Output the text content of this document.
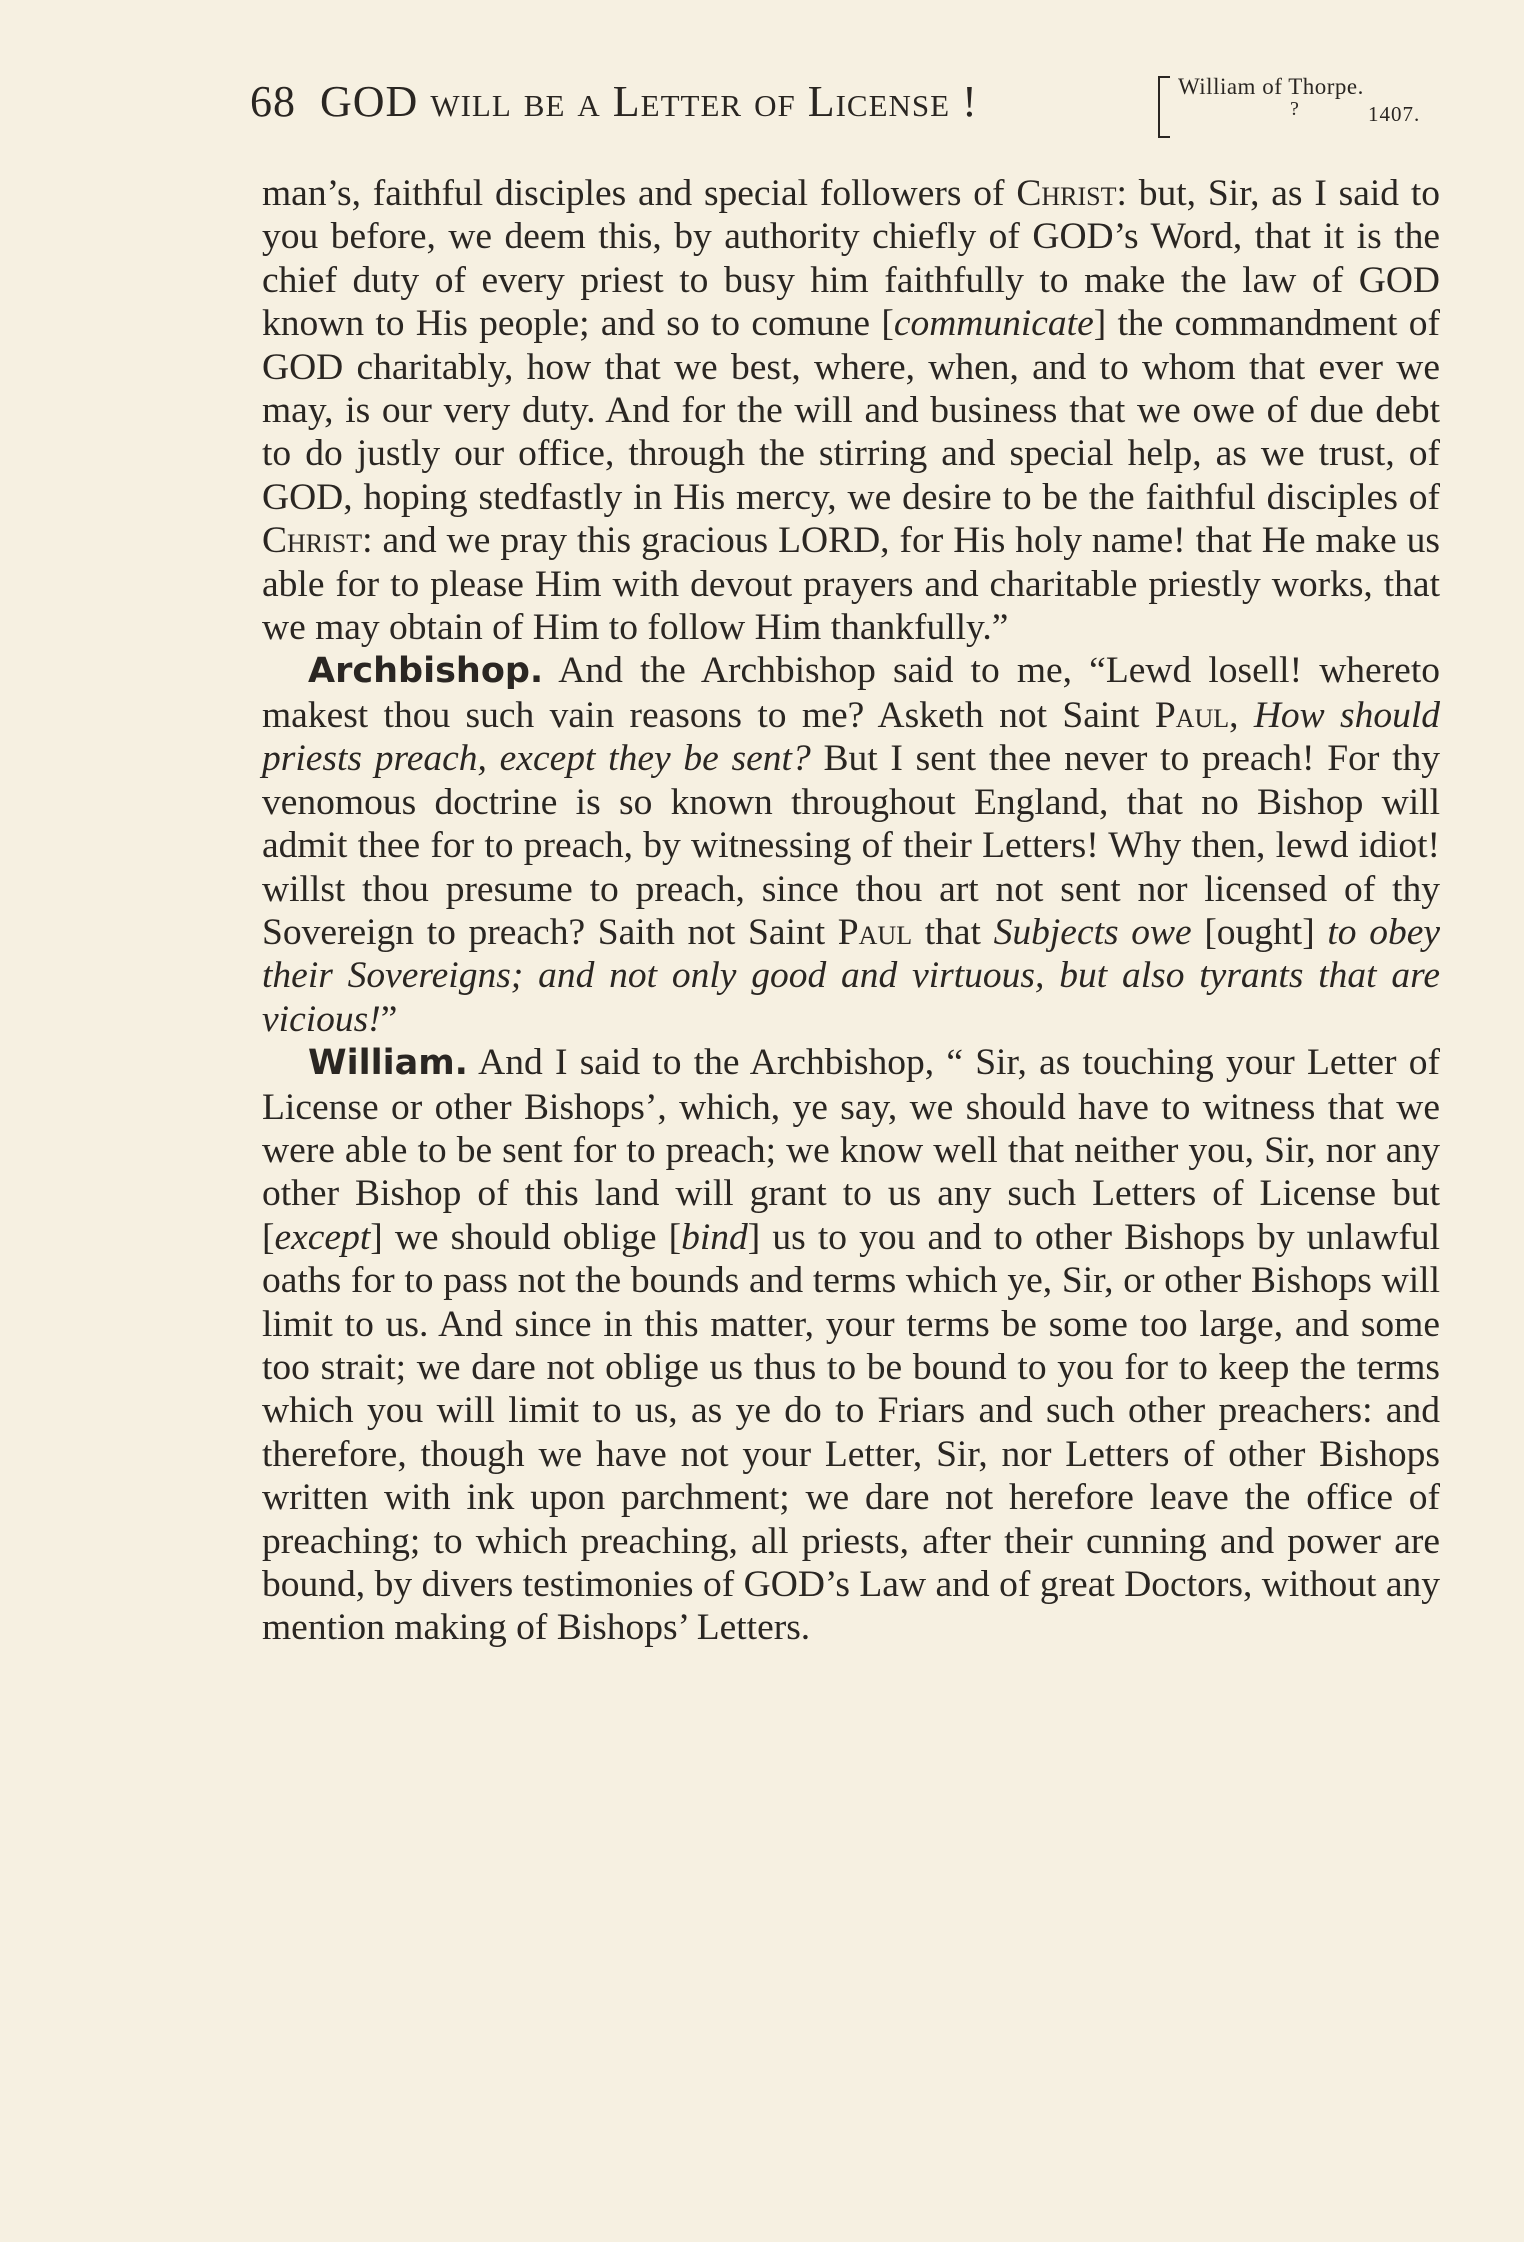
68 GOD will be a Letter of License !	William of Thorpe.
?	1407.

man’s, faithful disciples and special followers of Christ: but, Sir, as I said to you before, we deem this, by authority chiefly of GOD’s Word, that it is the chief duty of every priest to busy him faithfully to make the law of GOD known to His people; and so to comune [communicate] the commandment of GOD charitably, how that we best, where, when, and to whom that ever we may, is our very duty. And for the will and business that we owe of due debt to do justly our office, through the stirring and special help, as we trust, of GOD, hoping stedfastly in His mercy, we desire to be the faithful disciples of Christ: and we pray this gracious LORD, for His holy name! that He make us able for to please Him with devout prayers and charitable priestly works, that we may obtain of Him to follow Him thankfully.”

Archbishop. And the Archbishop said to me, “Lewd losell! whereto makest thou such vain reasons to me? Asketh not Saint Paul, How should priests preach, except they be sent? But I sent thee never to preach! For thy venomous doctrine is so known throughout England, that no Bishop will admit thee for to preach, by witnessing of their Letters! Why then, lewd idiot! willst thou presume to preach, since thou art not sent nor licensed of thy Sovereign to preach? Saith not Saint Paul that Subjects owe [ought] to obey their Sovereigns; and not only good and virtuous, but also tyrants that are vicious!”

William. And I said to the Archbishop, “ Sir, as touching your Letter of License or other Bishops’, which, ye say, we should have to witness that we were able to be sent for to preach; we know well that neither you, Sir, nor any other Bishop of this land will grant to us any such Letters of License but [except] we should oblige [bind] us to you and to other Bishops by unlawful oaths for to pass not the bounds and terms which ye, Sir, or other Bishops will limit to us. And since in this matter, your terms be some too large, and some too strait; we dare not oblige us thus to be bound to you for to keep the terms which you will limit to us, as ye do to Friars and such other preachers: and therefore, though we have not your Letter, Sir, nor Letters of other Bishops written with ink upon parchment; we dare not herefore leave the office of preaching; to which preaching, all priests, after their cunning and power are bound, by divers testimonies of GOD’s Law and of great Doctors, without any mention making of Bishops’ Letters.
